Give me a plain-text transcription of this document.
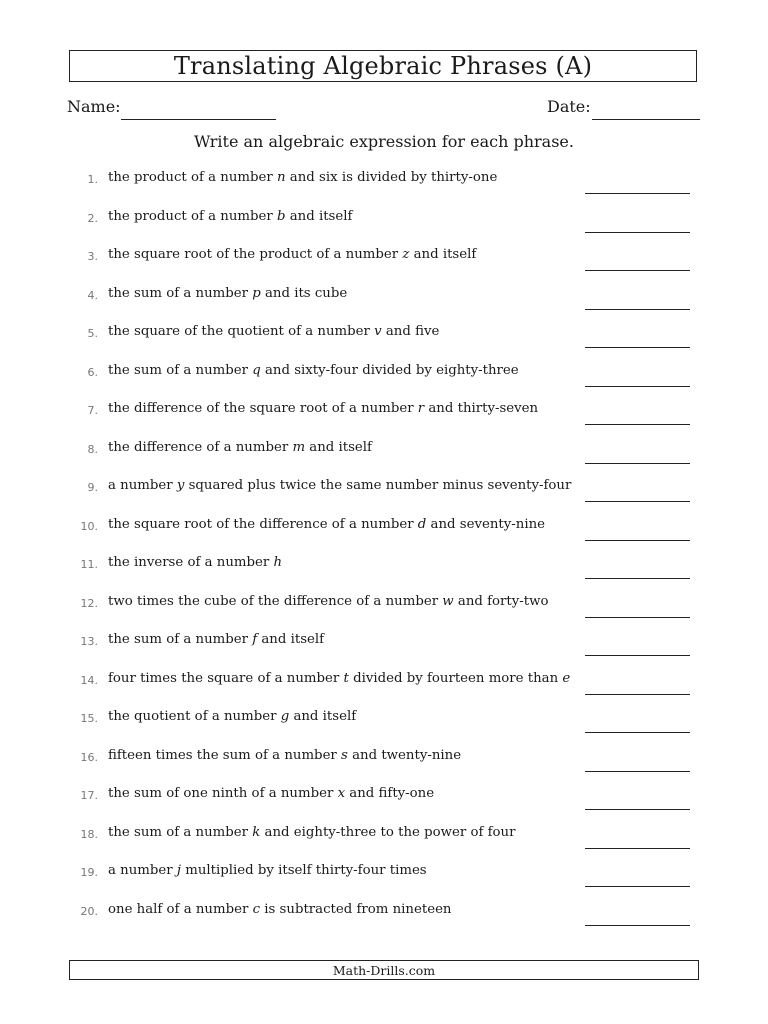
Translating Algebraic Phrases (A)
Name:	Date:
Write an algebraic expression for each phrase.
1. the product of a number n and six is divided by thirty-one
2. the product of a number b and itself
3. the square root of the product of a number z and itself
4. the sum of a number p and its cube
5. the square of the quotient of a number v and five
6. the sum of a number q and sixty-four divided by eighty-three
7. the difference of the square root of a number r and thirty-seven
8. the difference of a number m and itself
9. a number y squared plus twice the same number minus seventy-four
10. the square root of the difference of a number d and seventy-nine
11. the inverse of a number h
12. two times the cube of the difference of a number w and forty-two
13. the sum of a number f and itself
14. four times the square of a number t divided by fourteen more than e
15. the quotient of a number g and itself
16. fifteen times the sum of a number s and twenty-nine
17. the sum of one ninth of a number x and fifty-one
18. the sum of a number k and eighty-three to the power of four
19. a number j multiplied by itself thirty-four times
20. one half of a number c is subtracted from nineteen
Math-Drills.com
